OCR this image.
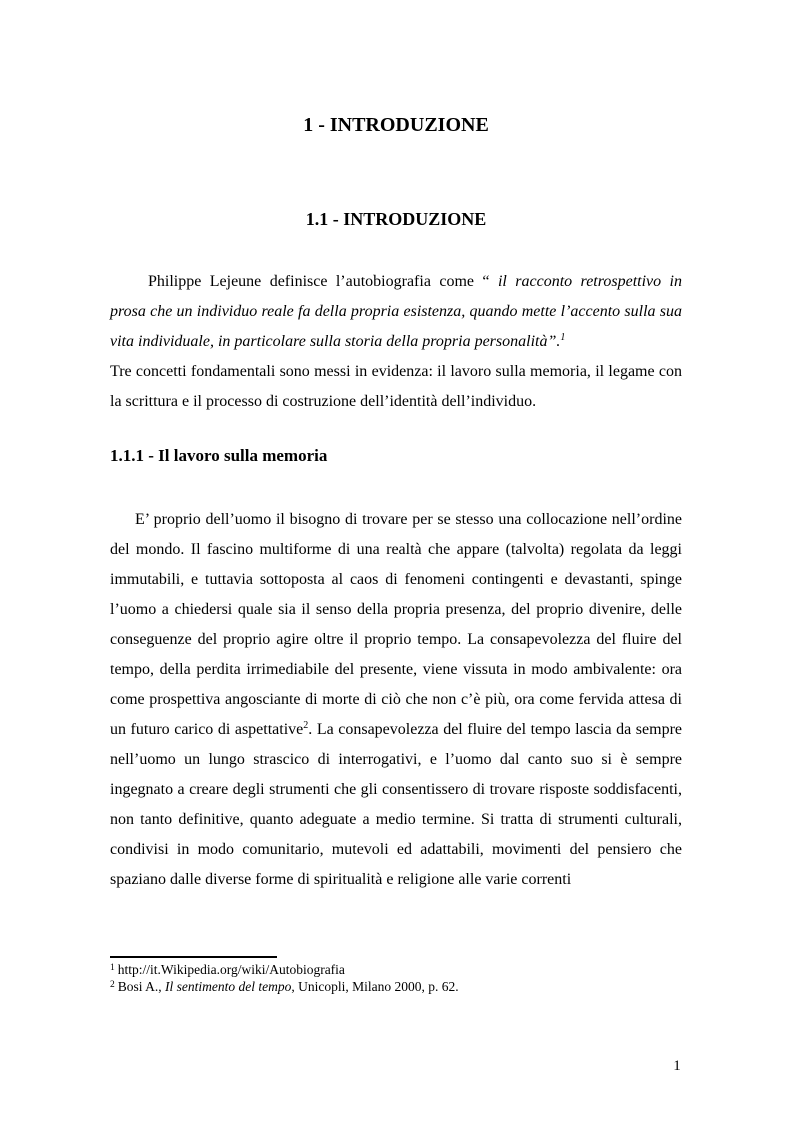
1 - INTRODUZIONE
1.1 - INTRODUZIONE

Philippe Lejeune definisce l’autobiografia come “ il racconto retrospettivo in prosa che un individuo reale fa della propria esistenza, quando mette l’accento sulla sua vita individuale, in particolare sulla storia della propria personalità”.$^1$

Tre concetti fondamentali sono messi in evidenza: il lavoro sulla memoria, il legame con la scrittura e il processo di costruzione dell’identità dell’individuo.

1.1.1 - Il lavoro sulla memoria

E’ proprio dell’uomo il bisogno di trovare per se stesso una collocazione nell’ordine del mondo. Il fascino multiforme di una realtà che appare (talvolta) regolata da leggi immutabili, e tuttavia sottoposta al caos di fenomeni contingenti e devastanti, spinge l’uomo a chiedersi quale sia il senso della propria presenza, del proprio divenire, delle conseguenze del proprio agire oltre il proprio tempo. La consapevolezza del fluire del tempo, della perdita irrimediabile del presente, viene vissuta in modo ambivalente: ora come prospettiva angosciante di morte di ciò che non c’è più, ora come fervida attesa di un futuro carico di aspettative$^2$. La consapevolezza del fluire del tempo lascia da sempre nell’uomo un lungo strascico di interrogativi, e l’uomo dal canto suo si è sempre ingegnato a creare degli strumenti che gli consentissero di trovare risposte soddisfacenti, non tanto definitive, quanto adeguate a medio termine. Si tratta di strumenti culturali, condivisi in modo comunitario, mutevoli ed adattabili, movimenti del pensiero che spaziano dalle diverse forme di spiritualità e religione alle varie correnti

$^1$ http://it.Wikipedia.org/wiki/Autobiografia
$^2$ Bosi A., Il sentimento del tempo, Unicopli, Milano 2000, p. 62.
1
